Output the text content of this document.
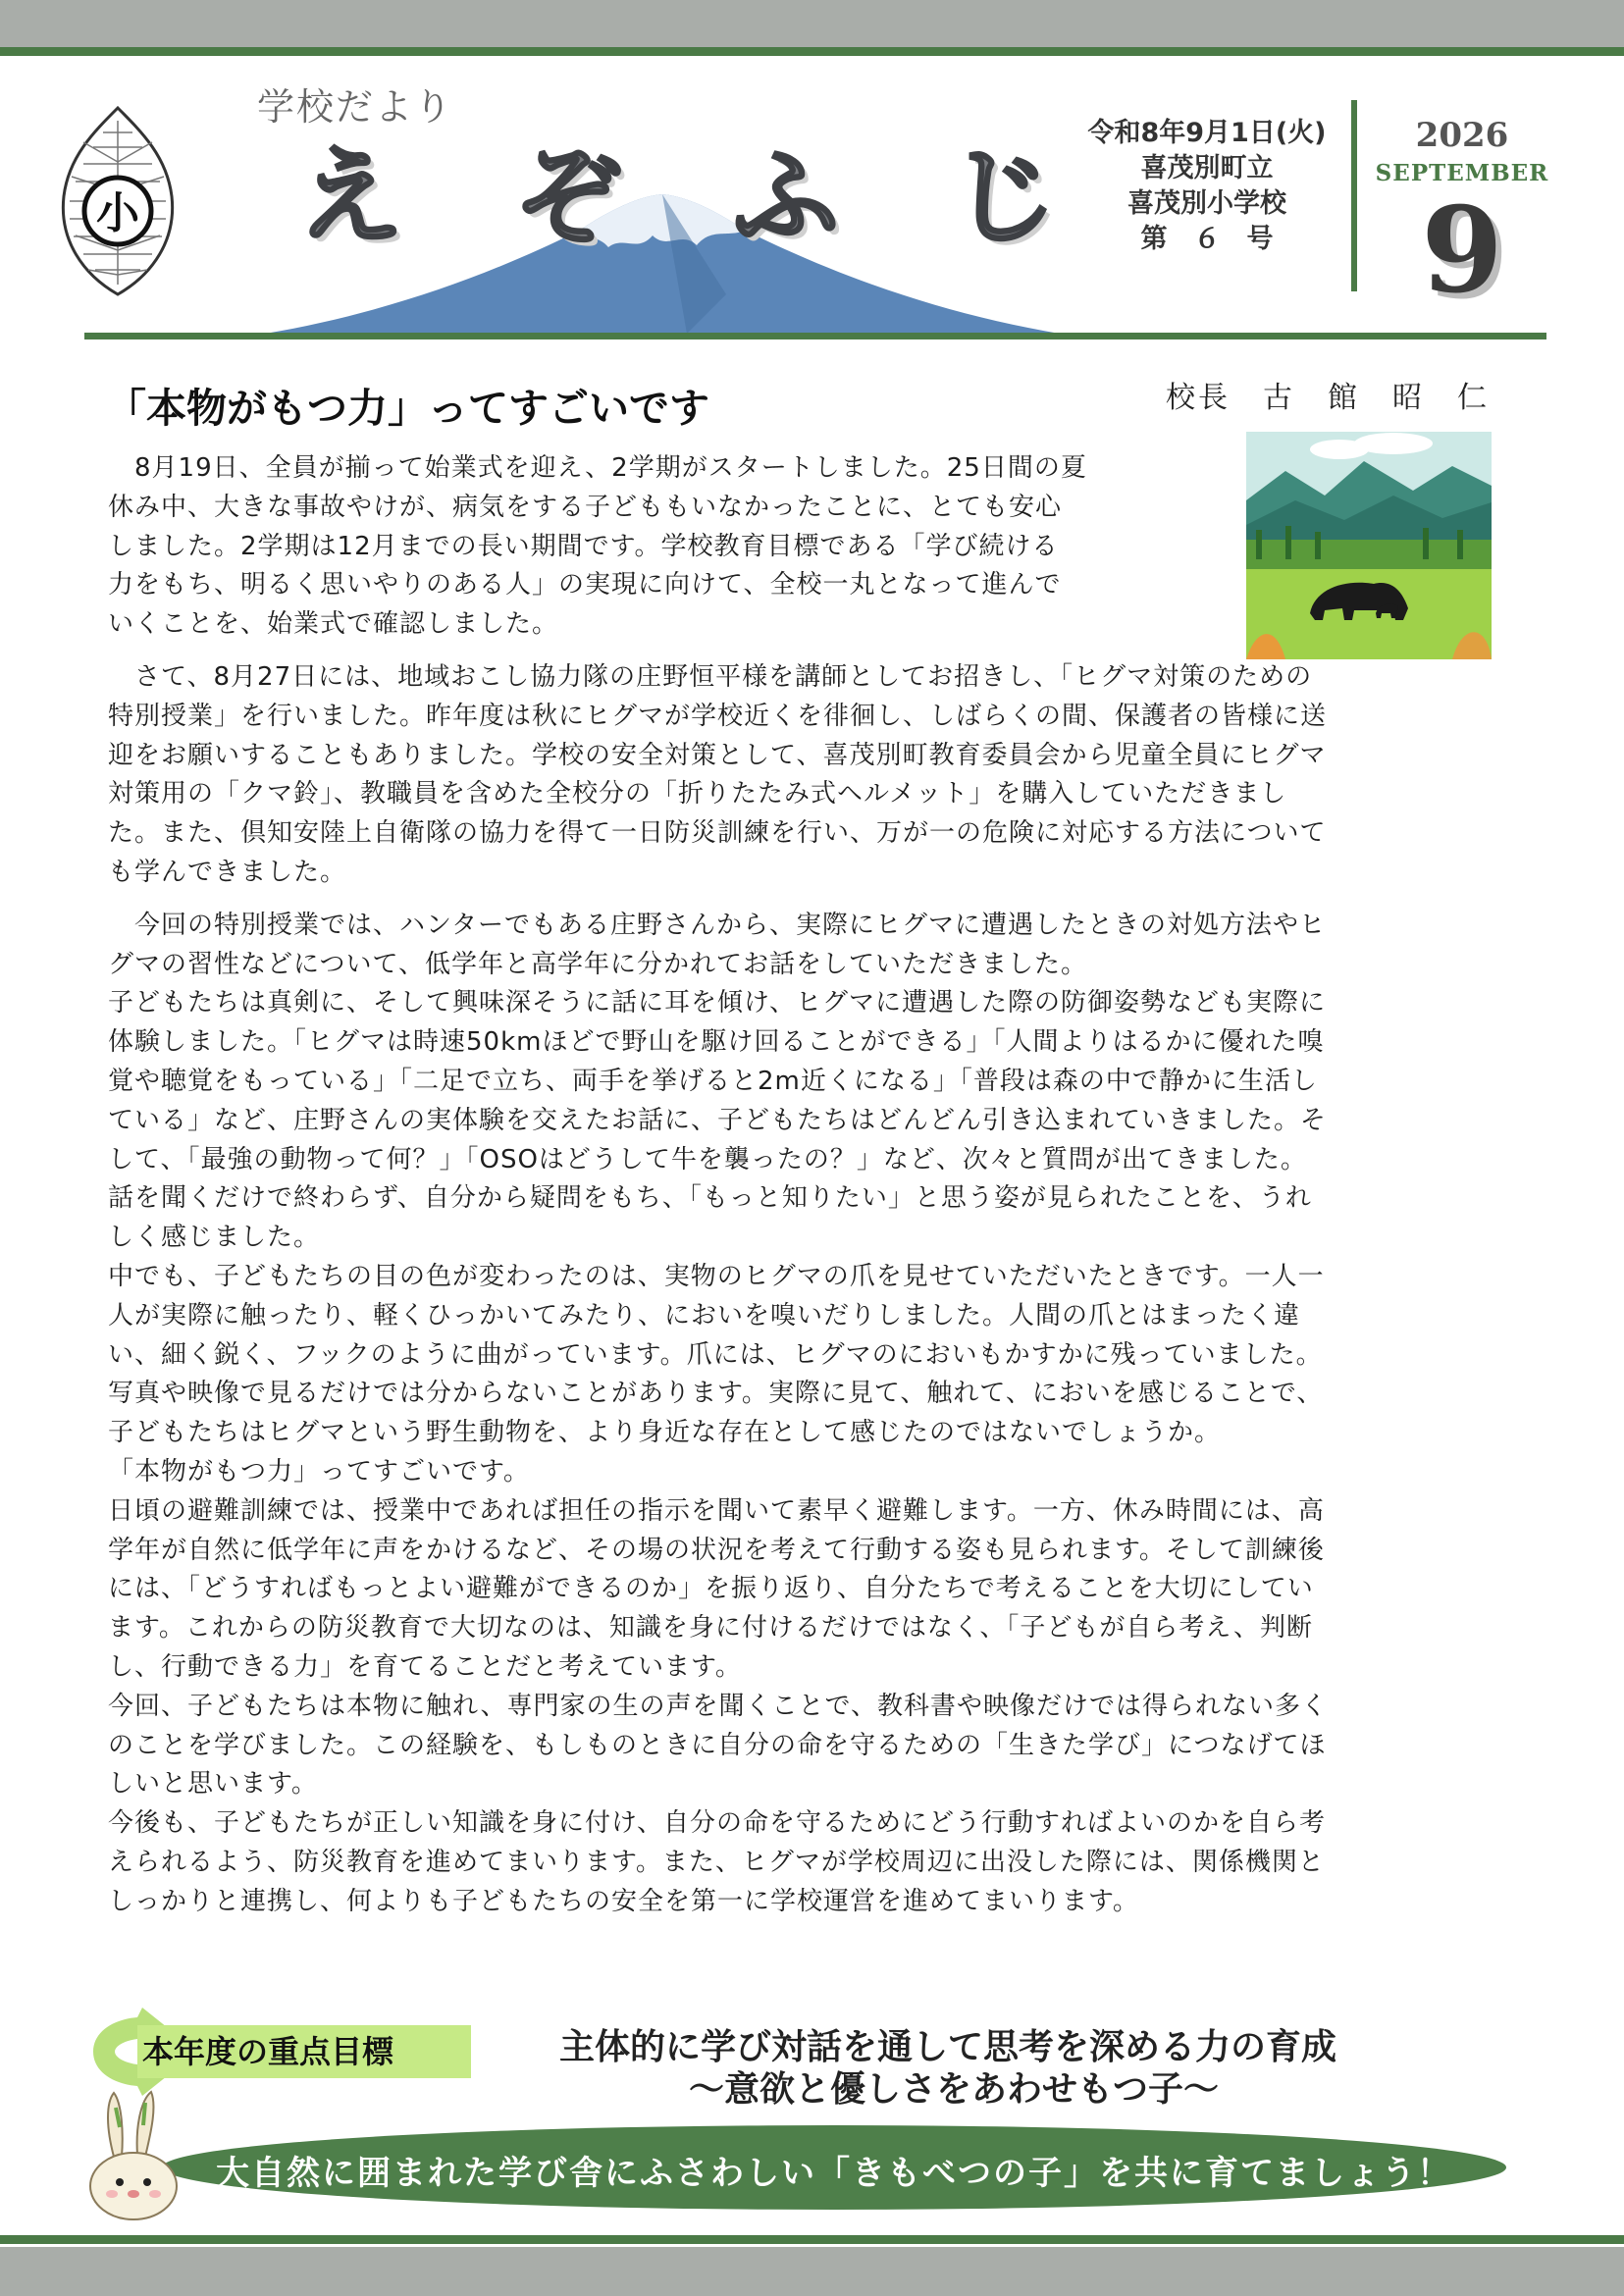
小
学校だより
え ぞ ふ じ
令和8年9月1日(火)
喜茂別町立
喜茂別小学校
第　６　号
2026
SEPTEMBER
9
「本物がもつ力」ってすごいです	校長　古　館　昭　仁

　8月19日、全員が揃って始業式を迎え、2学期がスタートしました。25日間の夏

休み中、大きな事故やけが、病気をする子どももいなかったことに、とても安心

しました。2学期は12月までの長い期間です。学校教育目標である「学び続ける

力をもち、明るく思いやりのある人」の実現に向けて、全校一丸となって進んで

いくことを、始業式で確認しました。

　さて、8月27日には、地域おこし協力隊の庄野恒平様を講師としてお招きし、「ヒグマ対策のための

特別授業」を行いました。昨年度は秋にヒグマが学校近くを徘徊し、しばらくの間、保護者の皆様に送

迎をお願いすることもありました。学校の安全対策として、喜茂別町教育委員会から児童全員にヒグマ

対策用の「クマ鈴」、教職員を含めた全校分の「折りたたみ式ヘルメット」を購入していただきまし

た。また、倶知安陸上自衛隊の協力を得て一日防災訓練を行い、万が一の危険に対応する方法について

も学んできました。

　今回の特別授業では、ハンターでもある庄野さんから、実際にヒグマに遭遇したときの対処方法やヒ

グマの習性などについて、低学年と高学年に分かれてお話をしていただきました。

子どもたちは真剣に、そして興味深そうに話に耳を傾け、ヒグマに遭遇した際の防御姿勢なども実際に

体験しました。「ヒグマは時速50kmほどで野山を駆け回ることができる」「人間よりはるかに優れた嗅

覚や聴覚をもっている」「二足で立ち、両手を挙げると2m近くになる」「普段は森の中で静かに生活し

ている」など、庄野さんの実体験を交えたお話に、子どもたちはどんどん引き込まれていきました。そ

して、「最強の動物って何？」「OSOはどうして牛を襲ったの？」など、次々と質問が出てきました。

話を聞くだけで終わらず、自分から疑問をもち、「もっと知りたい」と思う姿が見られたことを、うれ

しく感じました。

中でも、子どもたちの目の色が変わったのは、実物のヒグマの爪を見せていただいたときです。一人一

人が実際に触ったり、軽くひっかいてみたり、においを嗅いだりしました。人間の爪とはまったく違

い、細く鋭く、フックのように曲がっています。爪には、ヒグマのにおいもかすかに残っていました。

写真や映像で見るだけでは分からないことがあります。実際に見て、触れて、においを感じることで、

子どもたちはヒグマという野生動物を、より身近な存在として感じたのではないでしょうか。

「本物がもつ力」ってすごいです。

日頃の避難訓練では、授業中であれば担任の指示を聞いて素早く避難します。一方、休み時間には、高

学年が自然に低学年に声をかけるなど、その場の状況を考えて行動する姿も見られます。そして訓練後

には、「どうすればもっとよい避難ができるのか」を振り返り、自分たちで考えることを大切にしてい

ます。これからの防災教育で大切なのは、知識を身に付けるだけではなく、「子どもが自ら考え、判断

し、行動できる力」を育てることだと考えています。

今回、子どもたちは本物に触れ、専門家の生の声を聞くことで、教科書や映像だけでは得られない多く

のことを学びました。この経験を、もしものときに自分の命を守るための「生きた学び」につなげてほ

しいと思います。

今後も、子どもたちが正しい知識を身に付け、自分の命を守るためにどう行動すればよいのかを自ら考

えられるよう、防災教育を進めてまいります。また、ヒグマが学校周辺に出没した際には、関係機関と

しっかりと連携し、何よりも子どもたちの安全を第一に学校運営を進めてまいります。

本年度の重点目標	主体的に学び対話を通して思考を深める力の育成
～意欲と優しさをあわせもつ子～
大自然に囲まれた学び舎にふさわしい「きもべつの子」を共に育てましょう！
